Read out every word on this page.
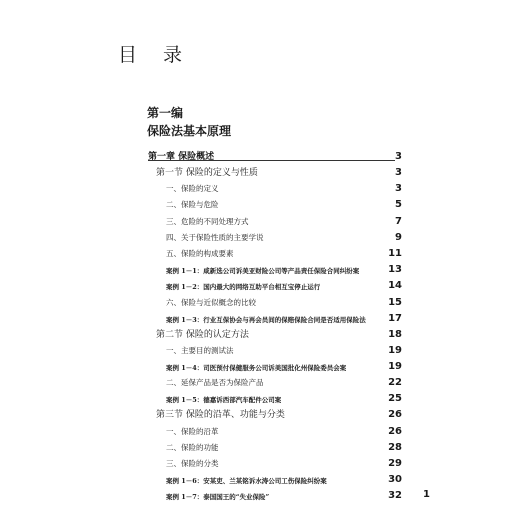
目 录
第一编
保险法基本原理
第一章 保险概述	3
第一节 保险的定义与性质	3
一、保险的定义	3
二、保险与危险	5
三、危险的不同处理方式	7
四、关于保险性质的主要学说	9
五、保险的构成要素	11
案例 1－1：咸新选公司诉美亚财险公司等产品责任保险合同纠纷案	13
案例 1－2：国内最大的网络互助平台相互宝停止运行	14
六、保险与近似概念的比较	15
案例 1－3：行业互保协会与再会员间的保赔保险合同是否适用保险法 17
第二节 保险的认定方法	18
一、主要目的测试法	19
案例 1－4：司医预付保健服务公司诉美国批化州保险委员会案	19
二、延保产品是否为保险产品	22
案例 1－5：德嘉诉西部汽车配件公司案	25
第三节 保险的沿革、功能与分类	26
一、保险的沿革	26
二、保险的功能	28
三、保险的分类	29
案例 1－6：安某吏、兰某铭诉水涛公司工伤保险纠纷案	30
案例 1－7：泰国国王的“失业保险”	32 1
